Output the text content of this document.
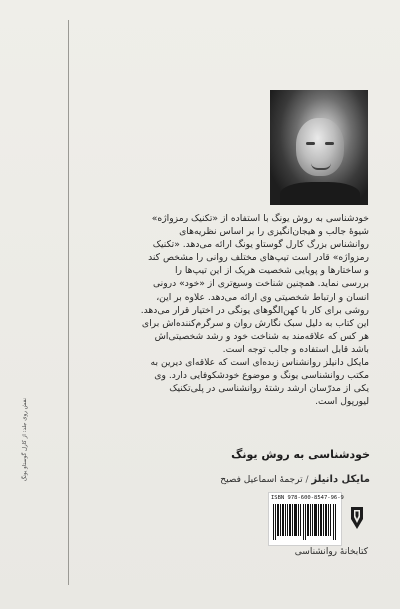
خودشناسی به روش یونگ با استفاده از «تکنیک رمزواژه»

شیوهٔ جالب و هیجان‌انگیزی را بر اساس نظریه‌های

روانشناس بزرگ کارل گوستاو یونگ ارائه می‌دهد. «تکنیک

رمزواژه» قادر است تیپ‌های مختلف روانی را مشخص کند

و ساختارها و پویایی شخصیت هریک از این تیپ‌ها را

بررسی نماید. همچنین شناخت وسیع‌تری از «خود» درونی

انسان و ارتباط شخصیتی وی ارائه می‌دهد. علاوه بر این،

روشی برای کار با کهن‌الگوهای یونگی در اختیار قرار می‌دهد.

این کتاب به دلیل سبک نگارش روان و سرگرم‌کننده‌اش برای

هر کس که علاقه‌مند به شناخت خود و رشد شخصیتی‌اش

باشد قابل استفاده و جالب توجه است.

مایکل دانیلز روانشناس زبده‌ای است که علاقه‌ای دیرین به

مکتب روانشناسی یونگ و موضوع خودشکوفایی دارد. وی

یکی از مدرّسان ارشد رشتهٔ روانشناسی در پلی‌تکنیک

لیورپول است.

خودشناسی به روش یونگ
مایکل دانیلز / ترجمهٔ اسماعیل فصیح
ISBN 978-600-8547-96-9
کتابخانهٔ روانشناسی
نقش روی جلد: از کارل گوستاو یونگ
